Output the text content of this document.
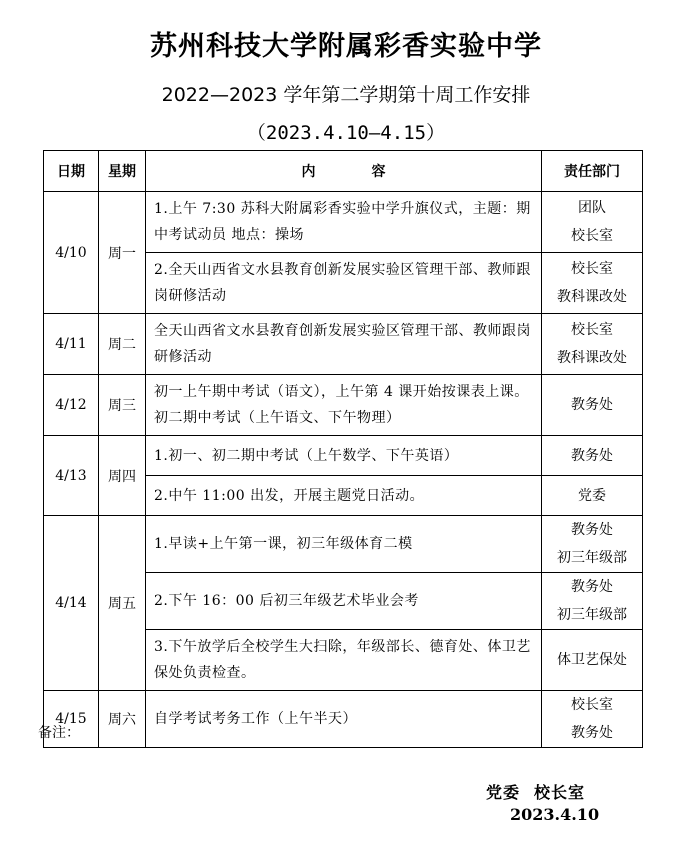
苏州科技大学附属彩香实验中学
2022—2023 学年第二学期第十周工作安排
（2023.4.10—4.15）
日期	星期	内　　　　容	责任部门
4/10	周一	1.上午 7:30 苏科大附属彩香实验中学升旗仪式，主题：期中考试动员 地点：操场	团队
校长室

		2.全天山西省文水县教育创新发展实验区管理干部、教师跟岗研修活动	校长室
教科课改处

4/11	周二	全天山西省文水县教育创新发展实验区管理干部、教师跟岗研修活动	校长室
教科课改处

4/12	周三	初一上午期中考试（语文），上午第 4 课开始按课表上课。初二期中考试（上午语文、下午物理）	教务处

4/13	周四	1.初一、初二期中考试（上午数学、下午英语）	教务处

		2.中午 11:00 出发，开展主题党日活动。	党委

4/14	周五	1.早读+上午第一课，初三年级体育二模	教务处
初三年级部

		2.下午 16：00 后初三年级艺术毕业会考	教务处
初三年级部

		3.下午放学后全校学生大扫除，年级部长、德育处、体卫艺保处负责检查。	体卫艺保处

4/15	周六	自学考试考务工作（上午半天）	校长室
教务处
备注：
党委 校长室
2023.4.10
